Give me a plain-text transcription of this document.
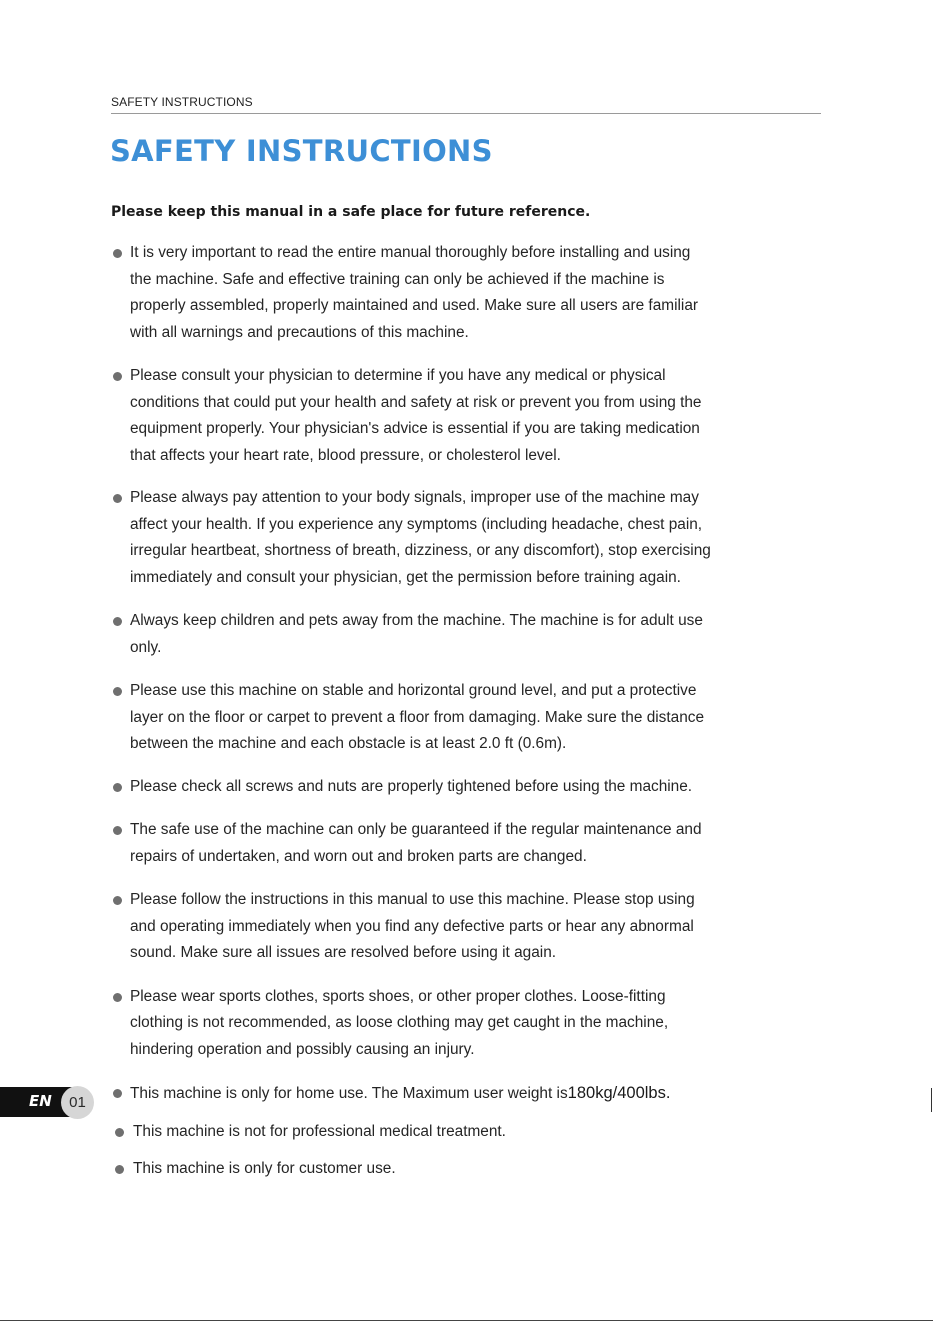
SAFETY INSTRUCTIONS
SAFETY INSTRUCTIONS
Please keep this manual in a safe place for future reference.
It is very important to read the entire manual thoroughly before installing and using
the machine. Safe and effective training can only be achieved if the machine is
properly assembled, properly maintained and used. Make sure all users are familiar
with all warnings and precautions of this machine.
Please consult your physician to determine if you have any medical or physical
conditions that could put your health and safety at risk or prevent you from using the
equipment properly. Your physician's advice is essential if you are taking medication
that affects your heart rate, blood pressure, or cholesterol level.
Please always pay attention to your body signals, improper use of the machine may
affect your health. If you experience any symptoms (including headache, chest pain,
irregular heartbeat, shortness of breath, dizziness, or any discomfort), stop exercising
immediately and consult your physician, get the permission before training again.
Always keep children and pets away from the machine. The machine is for adult use
only.
Please use this machine on stable and horizontal ground level, and put a protective
layer on the floor or carpet to prevent a floor from damaging. Make sure the distance
between the machine and each obstacle is at least 2.0 ft (0.6m).
Please check all screws and nuts are properly tightened before using the machine.
The safe use of the machine can only be guaranteed if the regular maintenance and
repairs of undertaken, and worn out and broken parts are changed.
Please follow the instructions in this manual to use this machine. Please stop using
and operating immediately when you find any defective parts or hear any abnormal
sound. Make sure all issues are resolved before using it again.
Please wear sports clothes, sports shoes, or other proper clothes. Loose-fitting
clothing is not recommended, as loose clothing may get caught in the machine,
hindering operation and possibly causing an injury.
This machine is only for home use. The Maximum user weight is180kg/400lbs.
This machine is not for professional medical treatment.
This machine is only for customer use.
EN	01
